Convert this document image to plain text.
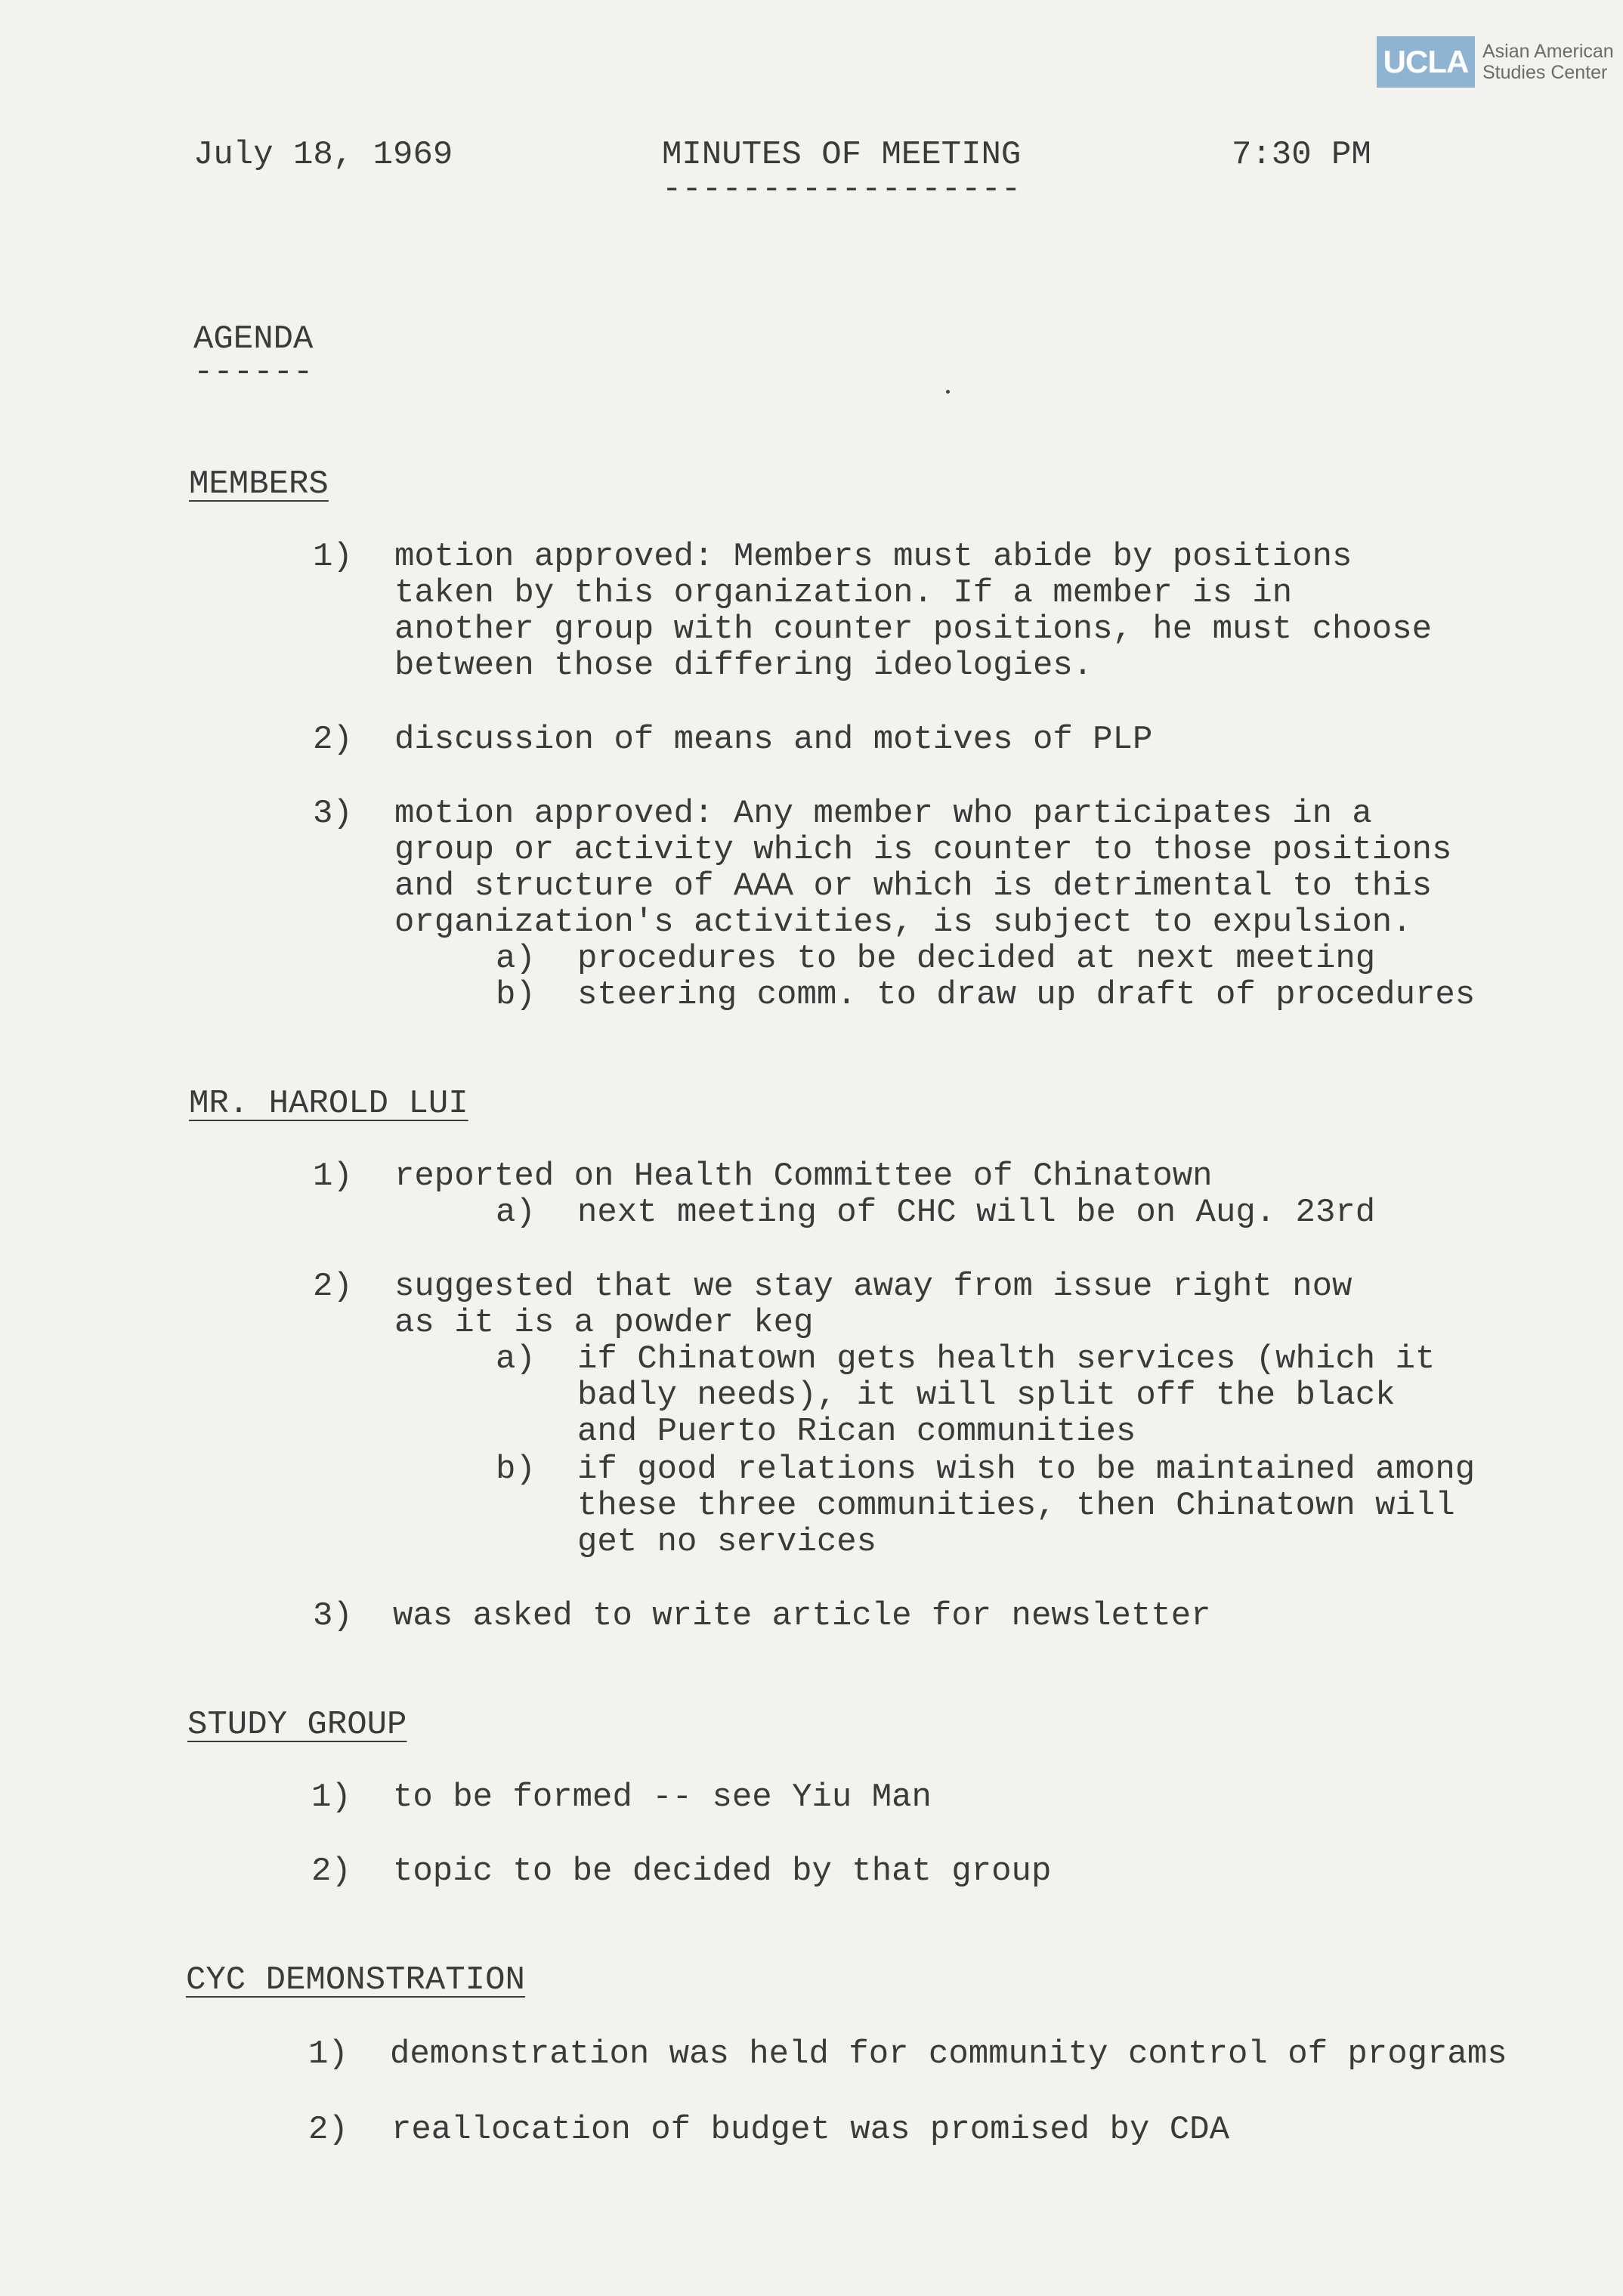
UCLA Asian American
Studies Center
July 18, 1969	MINUTES OF MEETING
------------------
7:30 PM
AGENDA
------
MEMBERS
1) motion approved: Members must abide by positions
taken by this organization. If a member is in
another group with counter positions, he must choose
between those differing ideologies.
2) discussion of means and motives of PLP
3) motion approved: Any member who participates in a
group or activity which is counter to those positions
and structure of AAA or which is detrimental to this
organization's activities, is subject to expulsion.
a) procedures to be decided at next meeting
b) steering comm. to draw up draft of procedures
MR. HAROLD LUI
1) reported on Health Committee of Chinatown
a) next meeting of CHC will be on Aug. 23rd
2) suggested that we stay away from issue right now
as it is a powder keg
a) if Chinatown gets health services (which it
badly needs), it will split off the black
and Puerto Rican communities
b) if good relations wish to be maintained among
these three communities, then Chinatown will
get no services
3) was asked to write article for newsletter
STUDY GROUP
1) to be formed -- see Yiu Man
2) topic to be decided by that group
CYC DEMONSTRATION
1) demonstration was held for community control of programs
2) reallocation of budget was promised by CDA
